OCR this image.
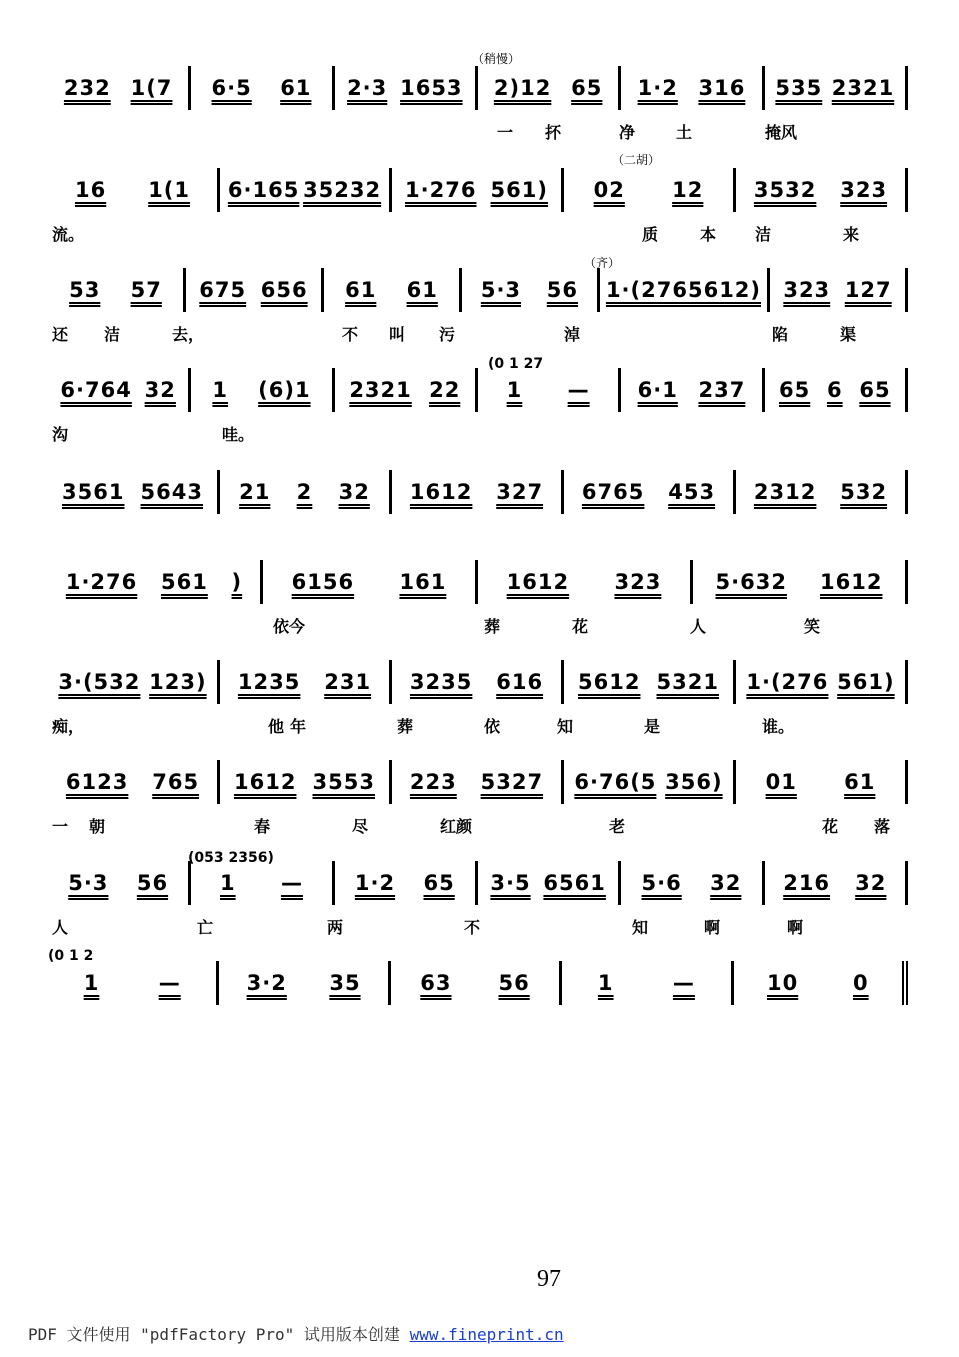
232 1(7 6·5 61 2·3 1653 2)12 65 1·2 316 535 2321
一 抔	净	土	掩风
（稍慢）
16 1(1 6·165 35232 1·276 561) 02 12 3532 323
流。	质	本 洁	来
（二胡）
53 57 675 656 61 61 5·3 56 1·(276 5612) 323 127
还 洁	去，	不 叫 污	淖	陷	渠
（齐）
6·764 32 1 (6)1 2321 22 1 — 6·1 237 65 6 65
沟	哇。
(0 1 27
3561 5643 21 2 32 1612 327 6765 453 2312 532
1·276 561 ) 6156 161	1612 323	5·632 1612
依今	葬	花	人	笑
3·(532 123) 1235 231 3235 616 5612 5321 1·(276 561)
痴，	他 年	葬	依	知	是	谁。
6123 765 1612 3553 223 5327 6·76(5 356) 01 61
一 朝	春	尽	红颜	老	花 落
5·3 56 1 — 1·2 65 3·5 6561 5·6 32 216 32
人	亡	两	不	知	啊	啊
(053 2356)
1	—	3·2 35	63 56	1	—	10	0
(0 1 2
97
PDF 文件使用 "pdfFactory Pro" 试用版本创建 www.fineprint.cn
